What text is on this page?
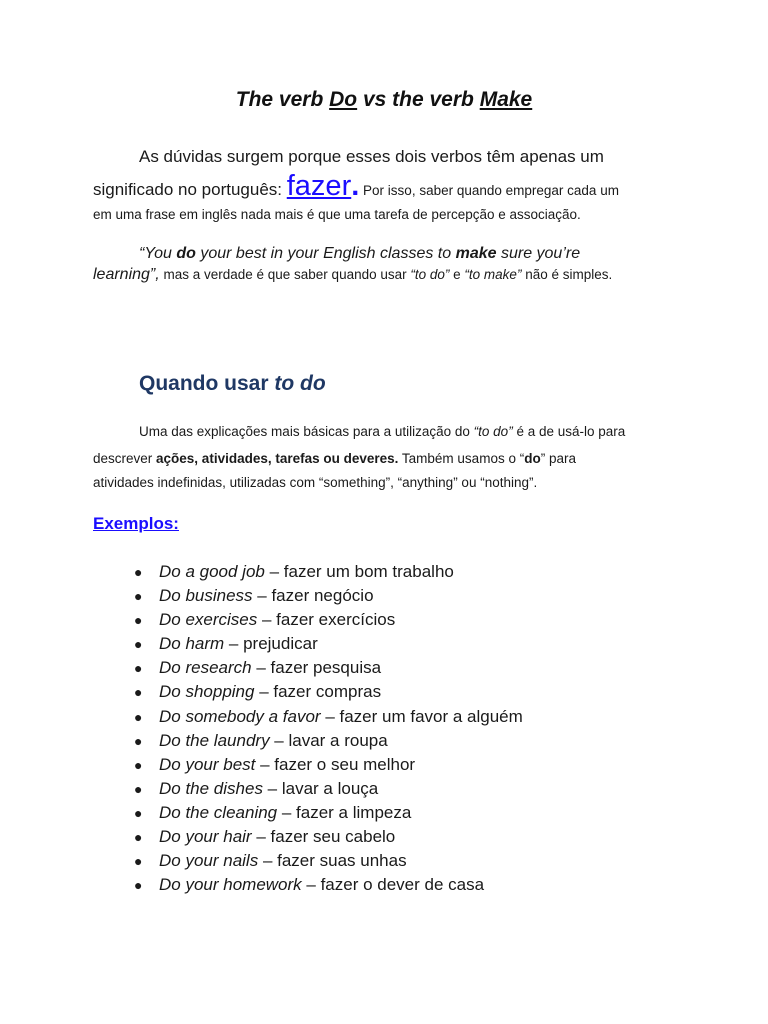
The verb Do vs the verb Make
As dúvidas surgem porque esses dois verbos têm apenas um
significado no português: fazer. Por isso, saber quando empregar cada um
em uma frase em inglês nada mais é que uma tarefa de percepção e associação.
“You do your best in your English classes to make sure you’re
learning”, mas a verdade é que saber quando usar “to do” e “to make” não é simples.
Quando usar to do
Uma das explicações mais básicas para a utilização do “to do” é a de usá-lo para
descrever ações, atividades, tarefas ou deveres. Também usamos o “do” para
atividades indefinidas, utilizadas com “something”, “anything” ou “nothing”.
Exemplos:
● Do a good job – fazer um bom trabalho
● Do business – fazer negócio
● Do exercises – fazer exercícios
● Do harm – prejudicar
● Do research – fazer pesquisa
● Do shopping – fazer compras
● Do somebody a favor – fazer um favor a alguém
● Do the laundry – lavar a roupa
● Do your best – fazer o seu melhor
● Do the dishes – lavar a louça
● Do the cleaning – fazer a limpeza
● Do your hair – fazer seu cabelo
● Do your nails – fazer suas unhas
● Do your homework – fazer o dever de casa
